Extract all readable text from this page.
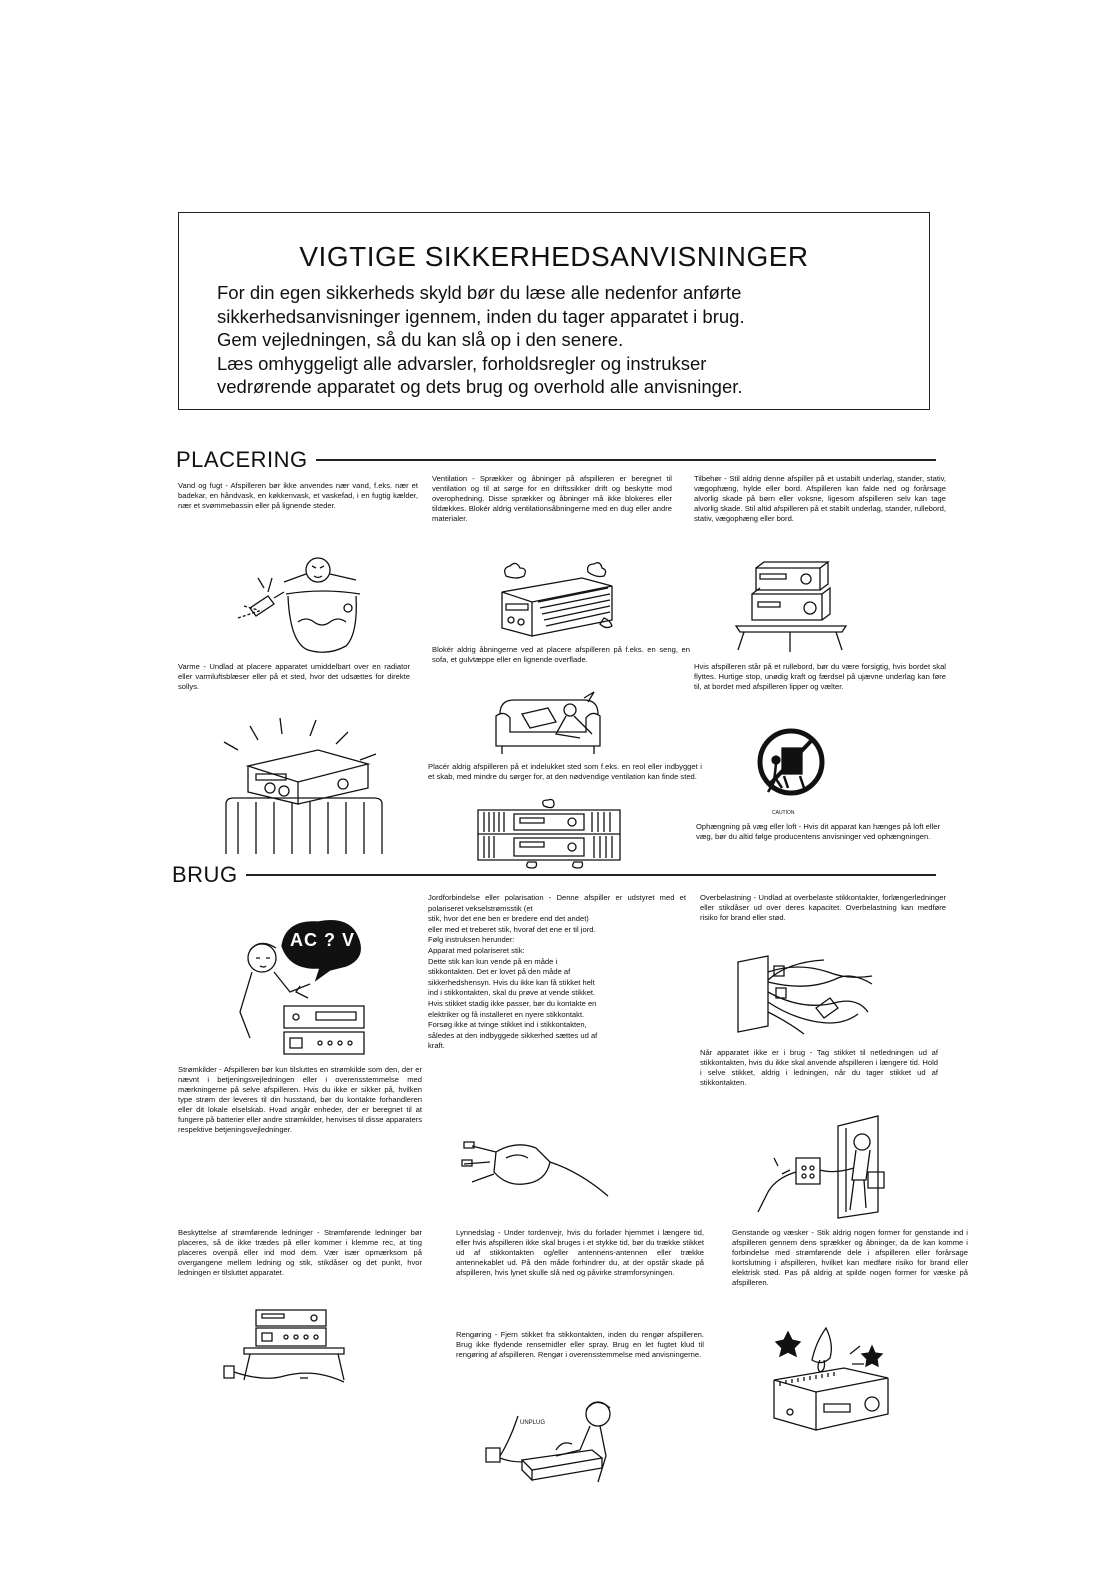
VIGTIGE SIKKERHEDSANVISNINGER
For din egen sikkerheds skyld bør du læse alle nedenfor anførte
sikkerhedsanvisninger igennem, inden du tager apparatet i brug.
Gem vejledningen, så du kan slå op i den senere.
Læs omhyggeligt alle advarsler, forholdsregler og instrukser
vedrørende apparatet og dets brug og overhold alle anvisninger.
PLACERING
Vand og fugt - Afspilleren bør ikke anvendes nær vand, f.eks. nær et badekar, en håndvask, en køkkenvask, et vaskefad, i en fugtig kælder, nær et svømmebassin eller på lignende steder.
Ventilation - Sprækker og åbninger på afspilleren er beregnet til ventilation og til at sørge for en driftssikker drift og beskytte mod overophedning. Disse sprækker og åbninger må ikke blokeres eller tildækkes. Blokér aldrig ventilationsåbningerne med en dug eller andre materialer.
Tilbehør - Stil aldrig denne afspiller på et ustabilt underlag, stander, stativ, vægophæng, hylde eller bord. Afspilleren kan falde ned og forårsage alvorlig skade på børn eller voksne, ligesom afspilleren selv kan tage alvorlig skade. Stil altid afspilleren på et stabilt underlag, stander, rullebord, stativ, vægophæng eller bord.
Blokér aldrig åbningerne ved at placere afspilleren på f.eks. en seng, en sofa, et gulvtæppe eller en lignende overflade.
Varme - Undlad at placere apparatet umiddelbart over en radiator eller varmluftsblæser eller på et sted, hvor det udsættes for direkte sollys.
Hvis afspilleren står på et rullebord, bør du være forsigtig, hvis bordet skal flyttes. Hurtige stop, unødig kraft og færdsel på ujævne underlag kan føre til, at bordet med afspilleren lipper og vælter.
Placér aldrig afspilleren på et indelukket sted som f.eks. en reol eller indbygget i et skab, med mindre du sørger for, at den nødvendige ventilation kan finde sted.
Ophængning på væg eller loft - Hvis dit apparat kan hænges på loft eller væg, bør du altid følge producentens anvisninger ved ophængningen.
CAUTION
BRUG

Jordforbindelse eller polarisation - Denne afspiller er udstyret med et polariseret vekselstrømsstik (et

stik, hvor det ene ben er bredere end det andet)

eller med et treberet stik, hvoraf det ene er til jord.

Følg instruksen herunder:

Apparat med polariseret stik:

Dette stik kan kun vende på en måde i

stikkontakten. Det er lovet på den måde af

sikkerhedshensyn. Hvis du ikke kan få stikket helt

ind i stikkontakten, skal du prøve at vende stikket.

Hvis stikket stadig ikke passer, bør du kontakte en

elektriker og få installeret en nyere stikkontakt.

Forsøg ikke at tvinge stikket ind i stikkontakten,

således at den indbyggede sikkerhed sættes ud af

kraft.

Overbelastning - Undlad at overbelaste stikkontakter, forlængerledninger eller stikdåser ud over deres kapacitet. Overbelastning kan medføre risiko for brand eller stød.
Strømkilder - Afspilleren bør kun tilsluttes en strømkilde som den, der er nævnt i betjeningsvejledningen eller i overensstemmelse med mærkningerne på selve afspilleren. Hvis du ikke er sikker på, hvilken type strøm der leveres til din husstand, bør du kontakte forhandleren eller dit lokale elselskab. Hvad angår enheder, der er beregnet til at fungere på batterier eller andre strømkilder, henvises til disse apparaters respektive betjeningsvejledninger.
Når apparatet ikke er i brug - Tag stikket til netledningen ud af stikkontakten, hvis du ikke skal anvende afspilleren i længere tid. Hold i selve stikket, aldrig i ledningen, når du tager stikket ud af stikkontakten.
Beskyttelse af strømførende ledninger - Strømførende ledninger bør placeres, så de ikke trædes på eller kommer i klemme rec, at ting placeres ovenpå eller ind mod dem. Vær især opmærksom på overgangene mellem ledning og stik, stikdåser og det punkt, hvor ledningen er tilsluttet apparatet.
Lynnedslag - Under tordenvejr, hvis du forlader hjemmet i længere tid, eller hvis afspilleren ikke skal bruges i et stykke tid, bør du trække stikket ud af stikkontakten og/eller antennens-antennen eller trække antennekablet ud. På den måde forhindrer du, at der opstår skade på afspilleren, hvis lynet skulle slå ned og påvirke strømforsyningen.
Rengøring - Fjern stikket fra stikkontakten, inden du rengør afspilleren. Brug ikke flydende rensemidler eller spray. Brug en let fugtet klud til rengøring af afspilleren. Rengør i overensstemmelse med anvisningerne.
Genstande og væsker - Stik aldrig nogen former for genstande ind i afspilleren gennem dens sprækker og åbninger, da de kan komme i forbindelse med strømførende dele i afspilleren eller forårsage kortslutning i afspilleren, hvilket kan medføre risiko for brand eller elektrisk stød. Pas på aldrig at spilde nogen former for væske på afspilleren.
AC ? V
UNPLUG
